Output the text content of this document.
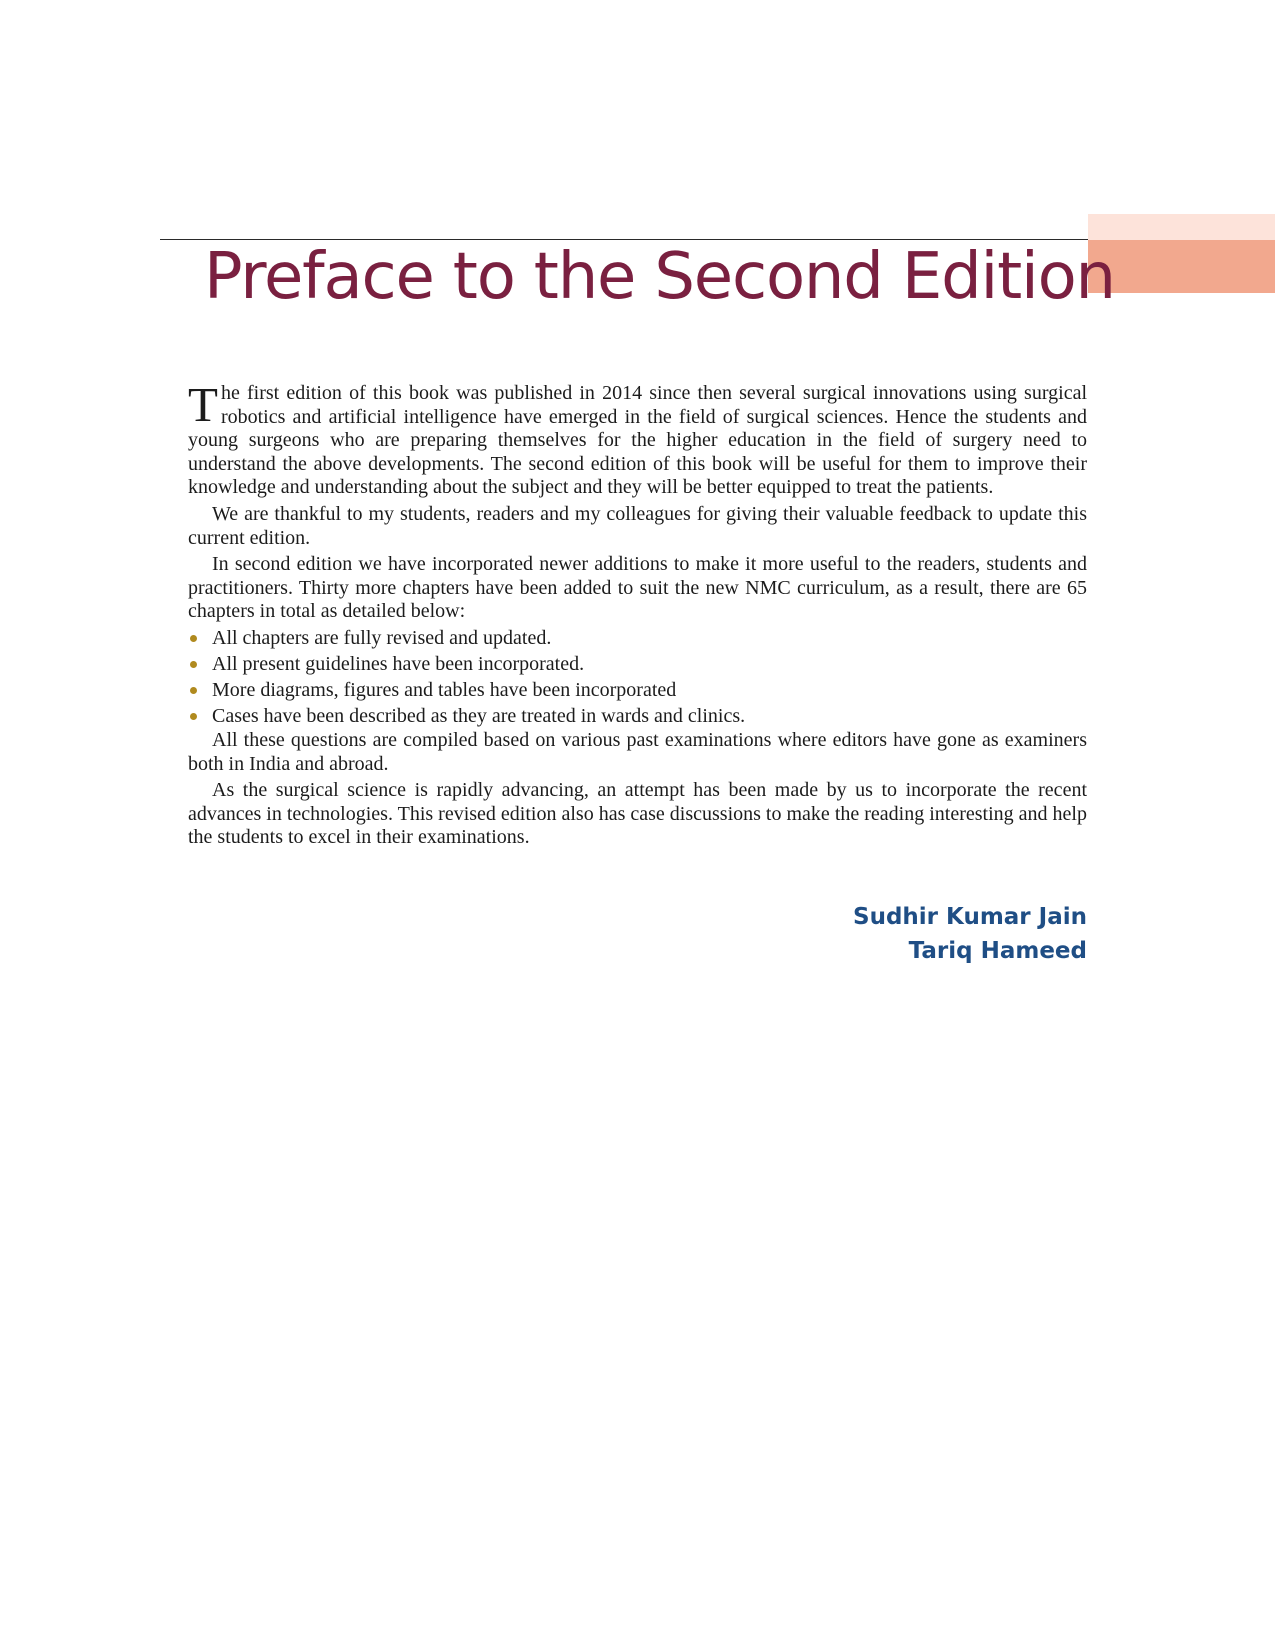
Preface to the Second Edition

The first edition of this book was published in 2014 since then several surgical innovations using surgical robotics and artificial intelligence have emerged in the field of surgical sciences. Hence the students and young surgeons who are preparing themselves for the higher education in the field of surgery need to understand the above developments. The second edition of this book will be useful for them to improve their knowledge and understanding about the subject and they will be better equipped to treat the patients.

We are thankful to my students, readers and my colleagues for giving their valuable feedback to update this current edition.

In second edition we have incorporated newer additions to make it more useful to the readers, students and practitioners. Thirty more chapters have been added to suit the new NMC curriculum, as a result, there are 65 chapters in total as detailed below:

All chapters are fully revised and updated.
All present guidelines have been incorporated.
More diagrams, figures and tables have been incorporated
Cases have been described as they are treated in wards and clinics.

All these questions are compiled based on various past examinations where editors have gone as examiners both in India and abroad.

As the surgical science is rapidly advancing, an attempt has been made by us to incorporate the recent advances in technologies. This revised edition also has case discussions to make the reading interesting and help the students to excel in their examinations.

Sudhir Kumar Jain
Tariq Hameed
